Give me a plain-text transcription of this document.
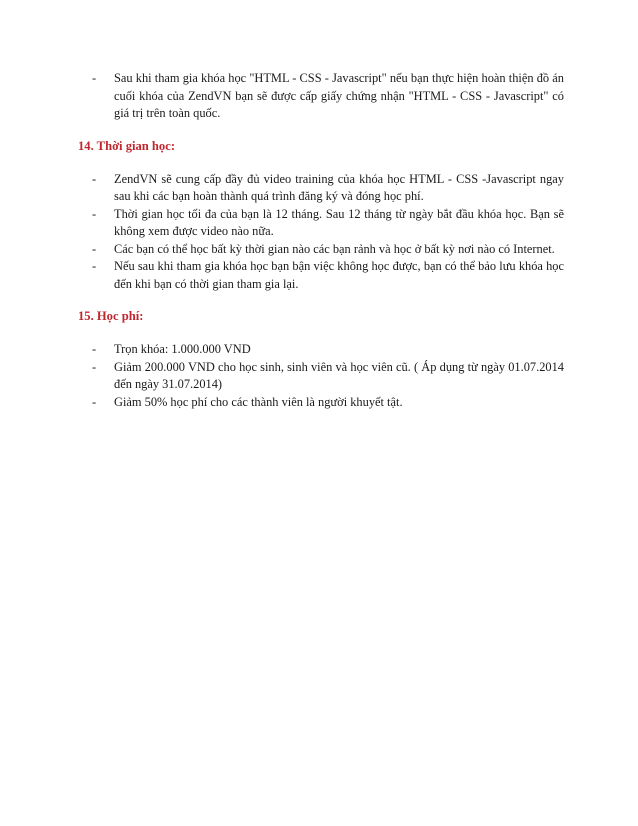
- Sau khi tham gia khóa học "HTML - CSS - Javascript" nếu bạn thực hiện hoàn thiện đồ án cuối khóa của ZendVN bạn sẽ được cấp giấy chứng nhận "HTML - CSS - Javascript" có giá trị trên toàn quốc.
14. Thời gian học:
- ZendVN sẽ cung cấp đầy đủ video training của khóa học HTML - CSS -Javascript ngay sau khi các bạn hoàn thành quá trình đăng ký và đóng học phí.
- Thời gian học tối đa của bạn là 12 tháng. Sau 12 tháng từ ngày bắt đầu khóa học. Bạn sẽ không xem được video nào nữa.
- Các bạn có thể học bất kỳ thời gian nào các bạn rảnh và học ở bất kỳ nơi nào có Internet.
- Nếu sau khi tham gia khóa học bạn bận việc không học được, bạn có thể bảo lưu khóa học đến khi bạn có thời gian tham gia lại.
15. Học phí:
- Trọn khóa: 1.000.000 VND
- Giảm 200.000 VND cho học sinh, sinh viên và học viên cũ. ( Áp dụng từ ngày 01.07.2014 đến ngày 31.07.2014)
- Giảm 50% học phí cho các thành viên là người khuyết tật.
